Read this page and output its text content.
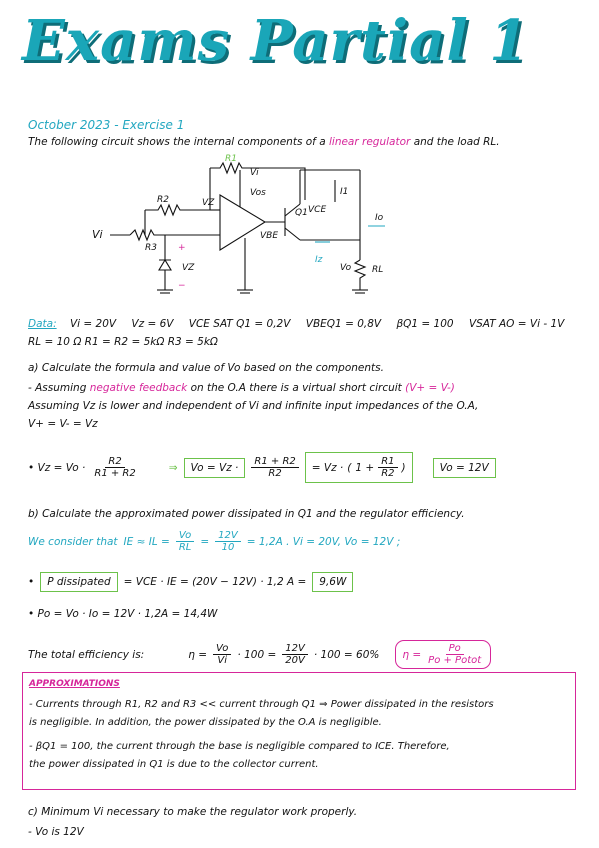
Exams Partial 1
October 2023 - Exercise 1
The following circuit shows the internal components of a linear regulator and the load RL.
R1
Vi
R2	VZ
Vos
Q1 VCE
I1
Vi
R3
VBE
Io
+
−
VZ
Iz
Vo RL
Data: Vi = 20V Vz = 6V VCE SAT Q1 = 0,2V VBEQ1 = 0,8V βQ1 = 100 VSAT AO = Vi - 1V
RL = 10 Ω R1 = R2 = 5kΩ R3 = 5kΩ
a) Calculate the formula and value of Vo based on the components.
- Assuming negative feedback on the O.A there is a virtual short circuit (V+ = V-)
Assuming Vz is lower and independent of Vi and infinite input impedances of the O.A,
V+ = V- = Vz
• $Vz = Vo \cdot \frac{R2}{R1 + R2}$	⇒	Vo = Vz ·	$\frac{R1 + R2}{R2} = Vz$ · ( $1 + \frac{R1}{R2}$ )	Vo = 12V
b) Calculate the approximated power dissipated in Q1 and the regulator efficiency.
We consider that IE ≈ IL = $\frac{Vo}{RL} = \frac{12V}{10} = 1,2A$ . Vi = 20V, Vo = 12V ;
•	P dissipated	= VCE · IE = (20V − 12V) · 1,2 A =	9,6W
• Po = Vo · Io = 12V · 1,2A = 14,4W
The total efficiency is:	$\eta = \frac{Vo}{Vi} \cdot 100 = \frac{12V}{20V} \cdot 100 = 60\%$ $\eta = \frac{Po}{\text{Po + Potot}}$
APPROXIMATIONS
- Currents through R1, R2 and R3 << current through Q1 ⇒ Power dissipated in the resistors
is negligible. In addition, the power dissipated by the O.A is negligible.
- βQ1 = 100, the current through the base is negligible compared to ICE. Therefore,
the power dissipated in Q1 is due to the collector current.
c) Minimum Vi necessary to make the regulator work properly.
- Vo is 12V
